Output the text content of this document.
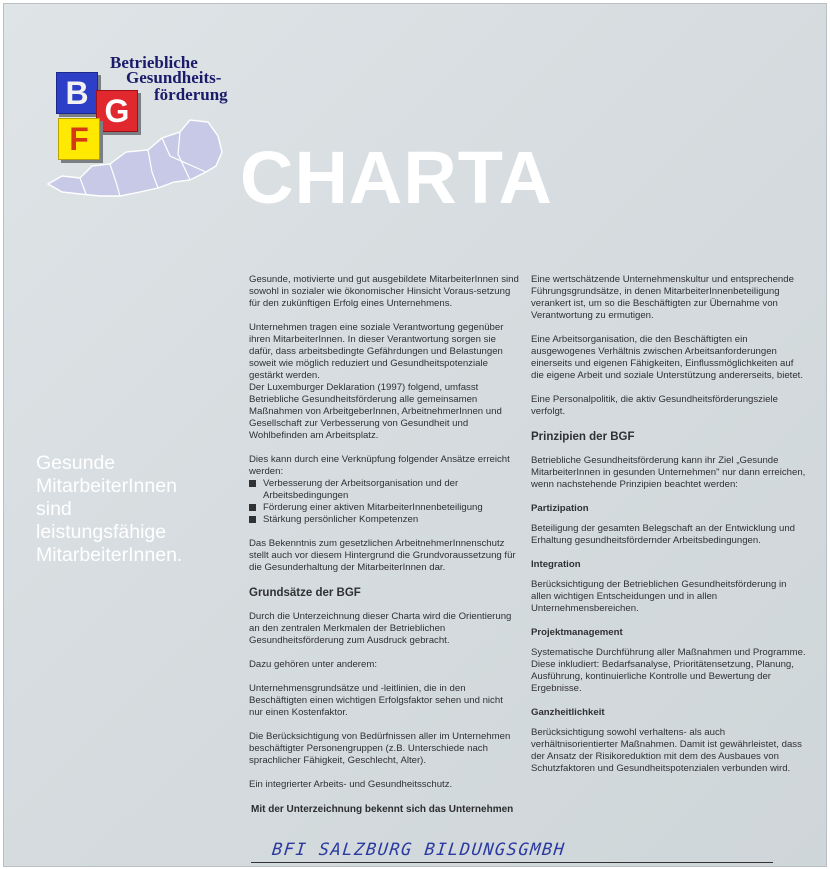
Betriebliche
Gesundheits-
förderung
B G
F CHARTA
Gesunde
MitarbeiterInnen
sind
leistungsfähige
MitarbeiterInnen.

Gesunde, motivierte und gut ausgebildete MitarbeiterInnen sind sowohl in sozialer wie ökonomischer Hinsicht Voraus-setzung für den zukünftigen Erfolg eines Unternehmens.

Unternehmen tragen eine soziale Verantwortung gegenüber ihren MitarbeiterInnen. In dieser Verantwortung sorgen sie dafür, dass arbeitsbedingte Gefährdungen und Belastungen soweit wie möglich reduziert und Gesundheitspotenziale gestärkt werden.

Der Luxemburger Deklaration (1997) folgend, umfasst Betriebliche Gesundheitsförderung alle gemeinsamen Maßnahmen von ArbeitgeberInnen, ArbeitnehmerInnen und Gesellschaft zur Verbesserung von Gesundheit und Wohlbefinden am Arbeitsplatz.

Dies kann durch eine Verknüpfung folgender Ansätze erreicht werden:

Verbesserung der Arbeitsorganisation und der Arbeitsbedingungen
Förderung einer aktiven MitarbeiterInnenbeteiligung
Stärkung persönlicher Kompetenzen

Das Bekenntnis zum gesetzlichen ArbeitnehmerInnenschutz stellt auch vor diesem Hintergrund die Grundvoraussetzung für die Gesunderhaltung der MitarbeiterInnen dar.

Grundsätze der BGF

Durch die Unterzeichnung dieser Charta wird die Orientierung an den zentralen Merkmalen der Betrieblichen Gesundheitsförderung zum Ausdruck gebracht.

Dazu gehören unter anderem:

Unternehmensgrundsätze und -leitlinien, die in den Beschäftigten einen wichtigen Erfolgsfaktor sehen und nicht nur einen Kostenfaktor.

Die Berücksichtigung von Bedürfnissen aller im Unternehmen beschäftigter Personengruppen (z.B. Unterschiede nach sprachlicher Fähigkeit, Geschlecht, Alter).

Ein integrierter Arbeits- und Gesundheitsschutz.

Eine wertschätzende Unternehmenskultur und entsprechende Führungsgrundsätze, in denen MitarbeiterInnenbeteiligung verankert ist, um so die Beschäftigten zur Übernahme von Verantwortung zu ermutigen.

Eine Arbeitsorganisation, die den Beschäftigten ein ausgewogenes Verhältnis zwischen Arbeitsanforderungen einerseits und eigenen Fähigkeiten, Einflussmöglichkeiten auf die eigene Arbeit und soziale Unterstützung andererseits, bietet.

Eine Personalpolitik, die aktiv Gesundheitsförderungsziele verfolgt.

Prinzipien der BGF

Betriebliche Gesundheitsförderung kann ihr Ziel „Gesunde MitarbeiterInnen in gesunden Unternehmen" nur dann erreichen, wenn nachstehende Prinzipien beachtet werden:

Partizipation

Beteiligung der gesamten Belegschaft an der Entwicklung und Erhaltung gesundheitsfördernder Arbeitsbedingungen.

Integration

Berücksichtigung der Betrieblichen Gesundheitsförderung in allen wichtigen Entscheidungen und in allen Unternehmensbereichen.

Projektmanagement

Systematische Durchführung aller Maßnahmen und Programme. Diese inkludiert: Bedarfsanalyse, Prioritätensetzung, Planung, Ausführung, kontinuierliche Kontrolle und Bewertung der Ergebnisse.

Ganzheitlichkeit

Berücksichtigung sowohl verhaltens- als auch verhältnisorientierter Maßnahmen. Damit ist gewährleistet, dass der Ansatz der Risikoreduktion mit dem des Ausbaues von Schutzfaktoren und Gesundheitspotenzialen verbunden wird.

Mit der Unterzeichnung bekennt sich das Unternehmen

BFI SALZBURG BILDUNGSGMBH
